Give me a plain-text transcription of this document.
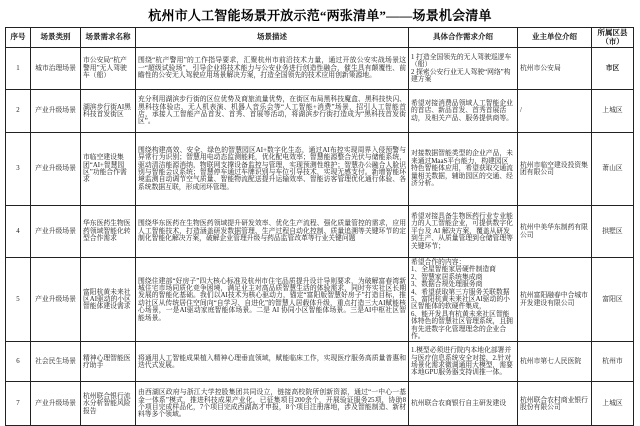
杭州市人工智能场景开放示范“两张清单”——场景机会清单
序号	场景类别	场景需求名称	场景描述	具体合作需求介绍	业主单位介绍	所属区县（市）
1	城市治理场景	市公安局“杭产警用”无人驾驶车（船）	围绕“杭产警用”的工作指导要求，汇聚杭州市前沿技术力量，通过开放公安实战场景这一“超级试验场”，引导企业将技术能力与公安业务进行创造性融合，催生具有颠覆性、前瞻性的公安无人驾驶应用场景解决方案，打造全国领先的技术应用创新策源地。	1 打造全国领先的无人驾驶巡逻车（船）
2 探索公安行业无人驾驶“网络”构建方案	杭州市公安局	市区
2	产业升级场景	湖滨步行街AI黑科技首发街区	充分利用湖滨步行街的区位优势及商旅流量优势，在街区布局黑科技魔盒、黑科技快闪、黑科技体验店、无人机表演、机器人音乐会等“人工智能+消费”场景，招引人工智能首店，承接人工智能产品首发、首秀、首展等活动，将湖滨步行街打造成为“黑科技首发街区”。	希望对接消费品领域人工智能企业的首店、新品首发、首秀首展活动，及相关产品、服务提供商等。	/	上城区
3	产业升级场景	市临空建设集团“AI+智慧园区”功能合作需求	围绕构建高效、安全、绿色的智慧园区AI+数字化生态，通过AI布控实现周界入侵预警与异常行为识别；智慧用电动态监测能耗，优化配电效率；智慧能源整合光伏与储能系统，驱动清洁能源消纳，物联网支撑设备监控与管理，实现预测性维护；智慧办公融合人脸识别与智能会议系统；智慧停车通过车牌识别与车位引导技术，实现无感支付。新增智能环境监测自动调节空气质量、智能物流配送提升运输效率、智能访客管理优化通行体验、各系统数据互联，形成闭环管理。	对接数据智能类型的企业产品，未来通过MaaS平台能力，构建园区特色智能体应用，希望获取交通流量相关数据，辅助园区的交通、经济分析。	杭州市临空建设投资集团有限公司	萧山区
4	产业升级场景	华东医药生物医药领域智能化转型合作需求	围绕华东医药在生物医药领域提升研发效率、优化生产流程、强化质量管控的需求，应用人工智能技术，打造涵盖研发数据管理、生产过程自动化控制、质量追溯等关键环节的定制化智能化解决方案，破解企业管理升级与药品监管改革等行业关键问题	希望对接具备生物医药行业专业能力的人工智能企业，可提供数字化平台及 AI 解决方案，覆盖从研发到生产、从质量管理到仓储管理等关键环节；	杭州中美华东制药有限公司	拱墅区
5	产业升级场景	富阳杭黄未来社区AI驱动的小区智能体建设需求	围绕住建部“好房子”四大核心标准及杭州市住宅品质提升设计导则要求，为破解富春湾新城住宅市场同质化竞争困境，满足业主对高品质智慧生活的体验需求，同时夯实社区长期发展的智能化基础。我们以AI技术为核心驱动力，锚定“富阳版智慧好房子”打造目标，推动社区从传统居住空间向“自学习、自进化”的智慧人居载体升级，重点打造三大AI赋能核心场景，一是AI驱动家庭智能体场景。二是 AI 协同小区智能体场景。三是AI中枢社区智能场景。	希望合作的内容：
1、全屋智能家居硬件制造商
2、智慧家居系统集成商
3、数据合规处理服务商
4、希望获取第三方服务关联数据
5、富阳杭黄未来社区AI驱动的小区智能体的软硬件集成，
6、能开发具有杭黄未来社区智能体特色的智慧社区管理系统，且拥有先进数字化管理理念的企业合作。	杭州富阳融春中合城市开发建设有限公司	富阳区
6	社会民生场景	精神心理智能医疗助手	将通用人工智能成果植入精神心理垂直领域，赋能临床工作，实现医疗服务高质量普惠和迭代式发展。	1.模型必须进行院内本地化部署并与医疗信息系统安全对接，2.针对场景化需求微调通用大模型，需要本地GPU服务器支持训推一体。	杭州市第七人民医院	杭州市
7	产业升级场景	杭州联合银行流水分析智能风险报告	由西湖区政府与浙江大学控股集团共同设立，链接高校院所创新资源，通过“一中心一基金一体系”模式，推进科技成果产业化，已征集项目200余个，开展验证服务25项，协助8个项目完成样品化，7个项目完成西湖高才申报，8个项目注册落地，涉及智能制造、新材料等多个领域。	杭州联合农商银行自主研发建设	杭州联合农村商业银行股份有限公司	上城区
